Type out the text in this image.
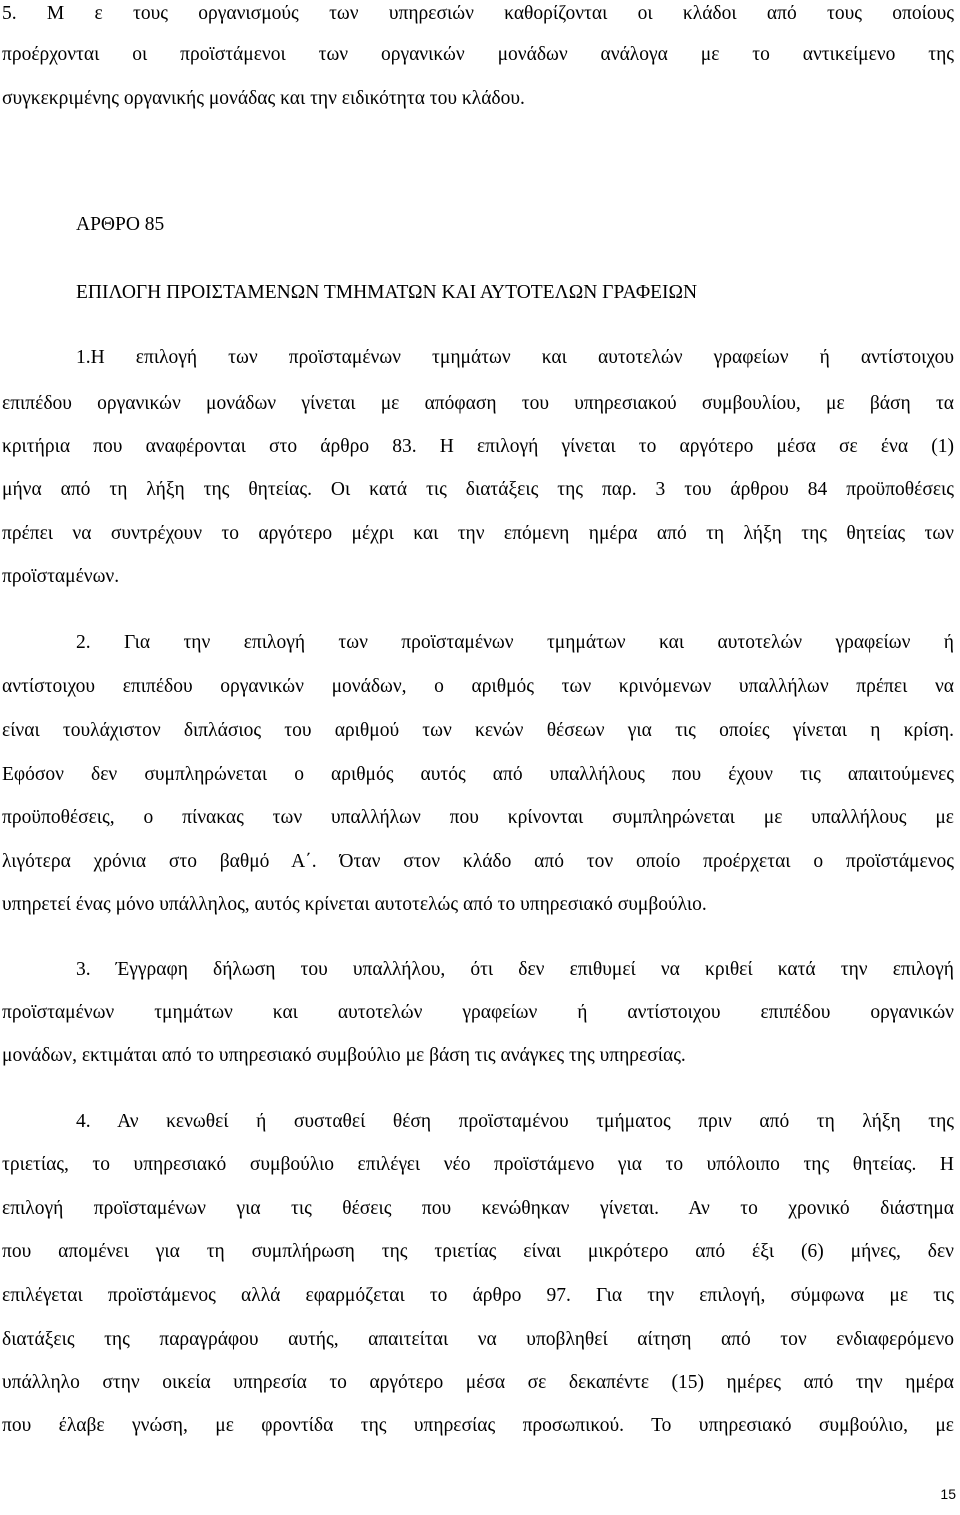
5. Μ ε τους οργανισμούς των υπηρεσιών καθορίζονται οι κλάδοι από τους οποίους
προέρχονται οι προϊστάμενοι των οργανικών μονάδων ανάλογα με το αντικείμενο της
συγκεκριμένης οργανικής μονάδας και την ειδικότητα του κλάδου.
ΑΡΘΡΟ 85
ΕΠΙΛΟΓΗ ΠΡΟΙΣΤΑΜΕΝΩΝ ΤΜΗΜΑΤΩΝ ΚΑΙ ΑΥΤΟΤΕΛΩΝ ΓΡΑΦΕΙΩΝ
1.Η επιλογή των προϊσταμένων τμημάτων και αυτοτελών γραφείων ή αντίστοιχου
επιπέδου οργανικών μονάδων γίνεται με απόφαση του υπηρεσιακού συμβουλίου, με βάση τα
κριτήρια που αναφέρονται στο άρθρο 83. Η επιλογή γίνεται το αργότερο μέσα σε ένα (1)
μήνα από τη λήξη της θητείας. Οι κατά τις διατάξεις της παρ. 3 του άρθρου 84 προϋποθέσεις
πρέπει να συντρέχουν το αργότερο μέχρι και την επόμενη ημέρα από τη λήξη της θητείας των
προϊσταμένων.
2. Για την επιλογή των προϊσταμένων τμημάτων και αυτοτελών γραφείων ή
αντίστοιχου επιπέδου οργανικών μονάδων, ο αριθμός των κρινόμενων υπαλλήλων πρέπει να
είναι τουλάχιστον διπλάσιος του αριθμού των κενών θέσεων για τις οποίες γίνεται η κρίση.
Εφόσον δεν συμπληρώνεται ο αριθμός αυτός από υπαλλήλους που έχουν τις απαιτούμενες
προϋποθέσεις, ο πίνακας των υπαλλήλων που κρίνονται συμπληρώνεται με υπαλλήλους με
λιγότερα χρόνια στο βαθμό Α΄. Όταν στον κλάδο από τον οποίο προέρχεται ο προϊστάμενος
υπηρετεί ένας μόνο υπάλληλος, αυτός κρίνεται αυτοτελώς από το υπηρεσιακό συμβούλιο.
3. Έγγραφη δήλωση του υπαλλήλου, ότι δεν επιθυμεί να κριθεί κατά την επιλογή
προϊσταμένων τμημάτων και αυτοτελών γραφείων ή αντίστοιχου επιπέδου οργανικών
μονάδων, εκτιμάται από το υπηρεσιακό συμβούλιο με βάση τις ανάγκες της υπηρεσίας.
4. Αν κενωθεί ή συσταθεί θέση προϊσταμένου τμήματος πριν από τη λήξη της
τριετίας, το υπηρεσιακό συμβούλιο επιλέγει νέο προϊστάμενο για το υπόλοιπο της θητείας. Η
επιλογή προϊσταμένων για τις θέσεις που κενώθηκαν γίνεται. Αν το χρονικό διάστημα
που απομένει για τη συμπλήρωση της τριετίας είναι μικρότερο από έξι (6) μήνες, δεν
επιλέγεται προϊστάμενος αλλά εφαρμόζεται το άρθρο 97. Για την επιλογή, σύμφωνα με τις
διατάξεις της παραγράφου αυτής, απαιτείται να υποβληθεί αίτηση από τον ενδιαφερόμενο
υπάλληλο στην οικεία υπηρεσία το αργότερο μέσα σε δεκαπέντε (15) ημέρες από την ημέρα
που έλαβε γνώση, με φροντίδα της υπηρεσίας προσωπικού. Το υπηρεσιακό συμβούλιο, με
15
